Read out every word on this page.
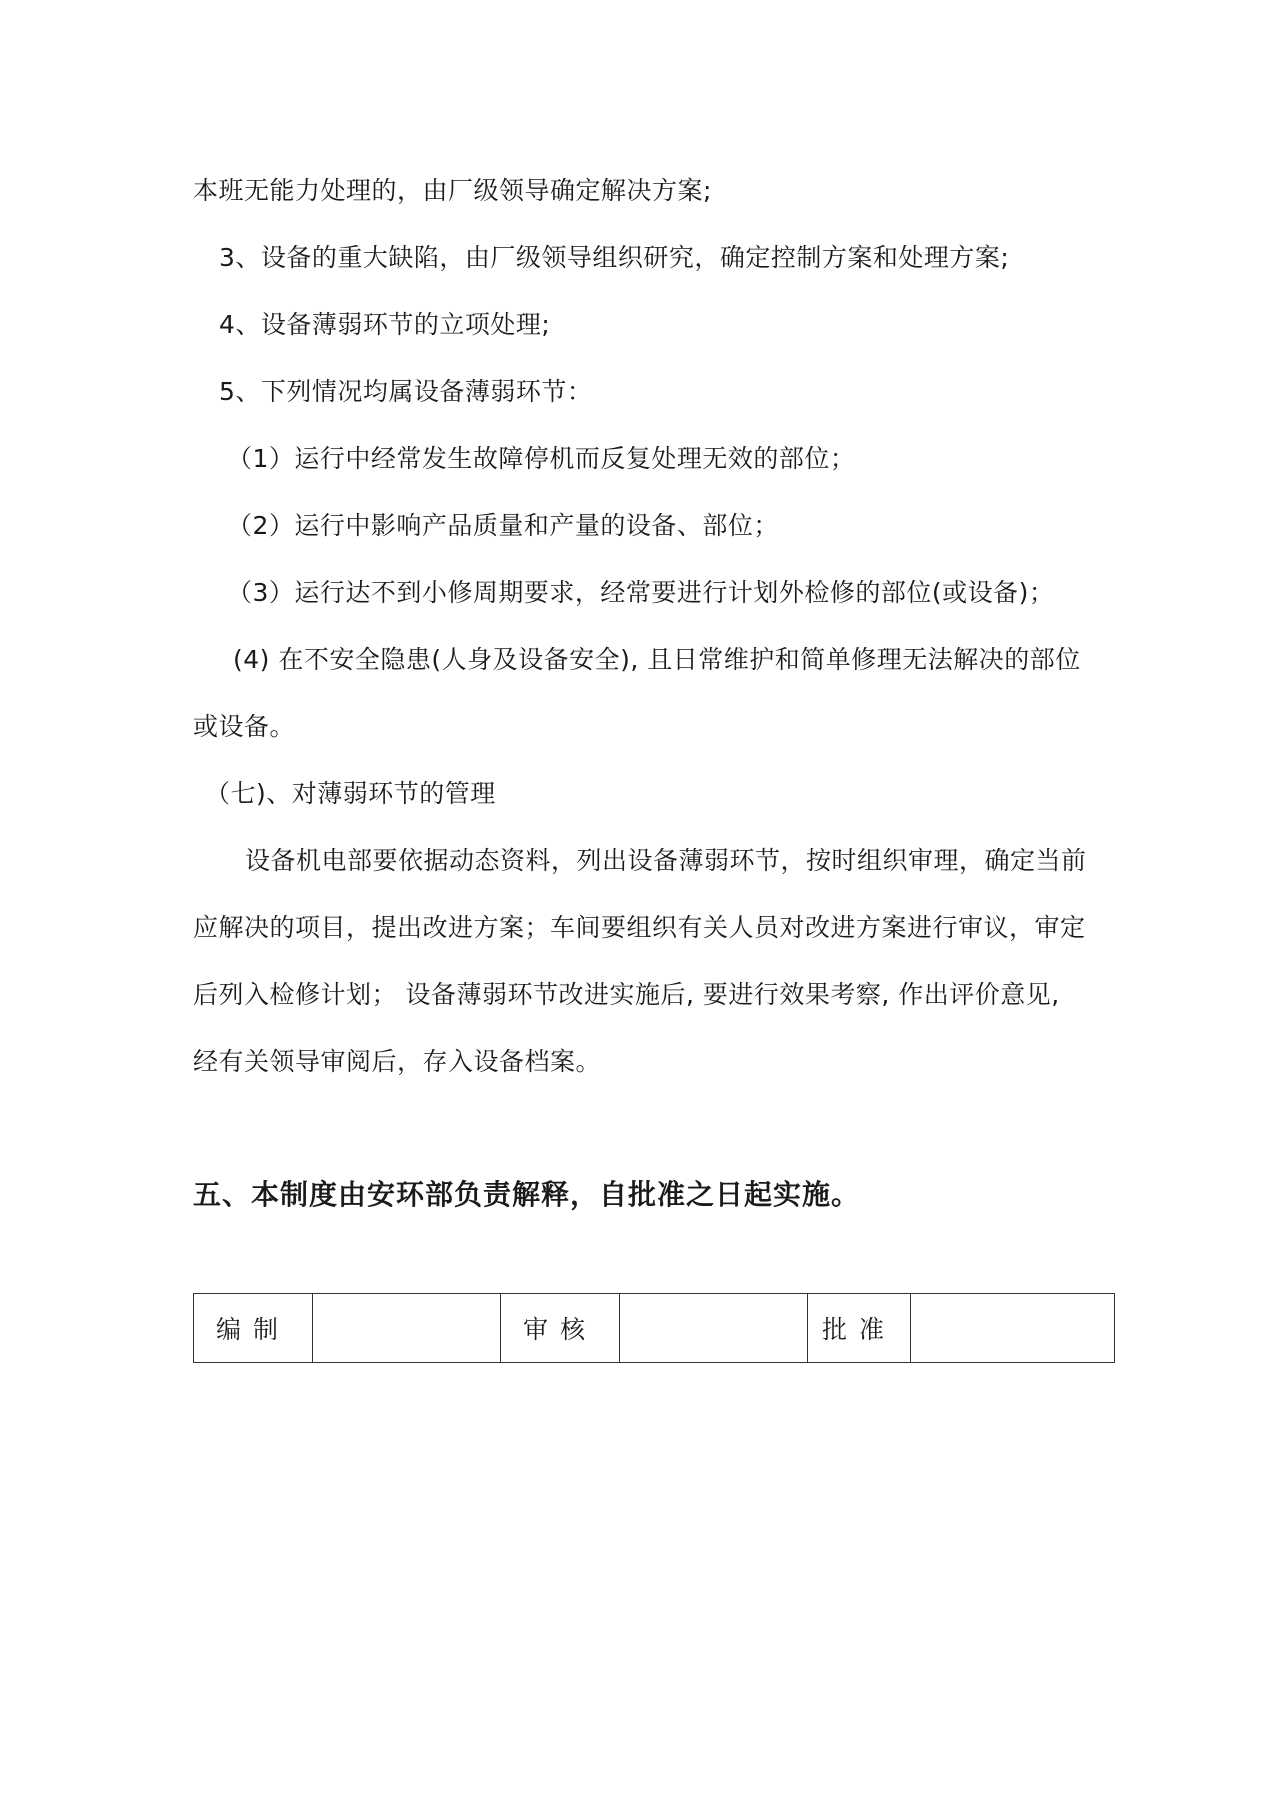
本班无能力处理的，由厂级领导确定解决方案;
3、设备的重大缺陷，由厂级领导组织研究，确定控制方案和处理方案;
4、设备薄弱环节的立项处理;
5、下列情况均属设备薄弱环节：
（1）运行中经常发生故障停机而反复处理无效的部位；
（2）运行中影响产品质量和产量的设备、部位；
（3）运行达不到小修周期要求，经常要进行计划外检修的部位(或设备)；
(4) 在不安全隐患(人身及设备安全), 且日常维护和简单修理无法解决的部位
或设备。
（七)、对薄弱环节的管理
设备机电部要依据动态资料，列出设备薄弱环节，按时组织审理，确定当前
应解决的项目，提出改进方案；车间要组织有关人员对改进方案进行审议，审定
后列入检修计划； 设备薄弱环节改进实施后, 要进行效果考察, 作出评价意见,
经有关领导审阅后，存入设备档案。
五、本制度由安环部负责解释，自批准之日起实施。
编制		审核		批准	
